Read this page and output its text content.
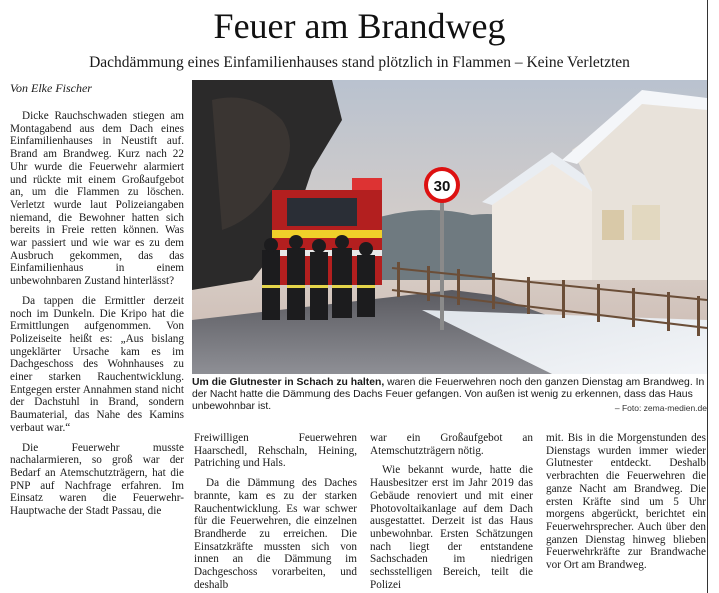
Feuer am Brandweg
Dachdämmung eines Einfamilienhauses stand plötzlich in Flammen – Keine Verletzten
Von Elke Fischer

Dicke Rauchschwaden stiegen am Montagabend aus dem Dach eines Einfamilienhauses in Neustift auf. Brand am Brandweg. Kurz nach 22 Uhr wurde die Feuerwehr alarmiert und rückte mit einem Großaufgebot an, um die Flammen zu löschen. Verletzt wurde laut Polizeiangaben niemand, die Bewohner hatten sich bereits in Freie retten können. Was war passiert und wie war es zu dem Ausbruch gekommen, das das Einfamilienhaus in einem unbewohnbaren Zustand hinterlässt?

Da tappen die Ermittler derzeit noch im Dunkeln. Die Kripo hat die Ermittlungen aufgenommen. Von Polizeiseite heißt es: „Aus bislang ungeklärter Ursache kam es im Dachgeschoss des Wohnhauses zu einer starken Rauchentwicklung. Entgegen erster Annahmen stand nicht der Dachstuhl in Brand, sondern Baumaterial, das Nahe des Kamins verbaut war.“

Die Feuerwehr musste nachalarmieren, so groß war der Bedarf an Atemschutzträgern, hat die PNP auf Nachfrage erfahren. Im Einsatz waren die Feuerwehr-Hauptwache der Stadt Passau, die

30
Um die Glutnester in Schach zu halten, waren die Feuerwehren noch den ganzen Dienstag am Brandweg. In der Nacht hatte die Dämmung des Dachs Feuer gefangen. Von außen ist wenig zu erkennen, dass das Haus unbewohnbar ist.	– Foto: zema-medien.de

Freiwilligen Feuerwehren Haarschedl, Rehschaln, Heining, Patriching und Hals.

Da die Dämmung des Daches brannte, kam es zu der starken Rauchentwicklung. Es war schwer für die Feuerwehren, die einzelnen Brandherde zu erreichen. Die Einsatzkräfte mussten sich von innen an die Dämmung im Dachgeschoss vorarbeiten, und deshalb

war ein Großaufgebot an Atemschutzträgern nötig.

Wie bekannt wurde, hatte die Hausbesitzer erst im Jahr 2019 das Gebäude renoviert und mit einer Photovoltaikanlage auf dem Dach ausgestattet. Derzeit ist das Haus unbewohnbar. Ersten Schätzungen nach liegt der entstandene Sachschaden im niedrigen sechsstelligen Bereich, teilt die Polizei

mit. Bis in die Morgenstunden des Dienstags wurden immer wieder Glutnester entdeckt. Deshalb verbrachten die Feuerwehren die ganze Nacht am Brandweg. Die ersten Kräfte sind um 5 Uhr morgens abgerückt, berichtet ein Feuerwehrsprecher. Auch über den ganzen Dienstag hinweg blieben Feuerwehrkräfte zur Brandwache vor Ort am Brandweg.
